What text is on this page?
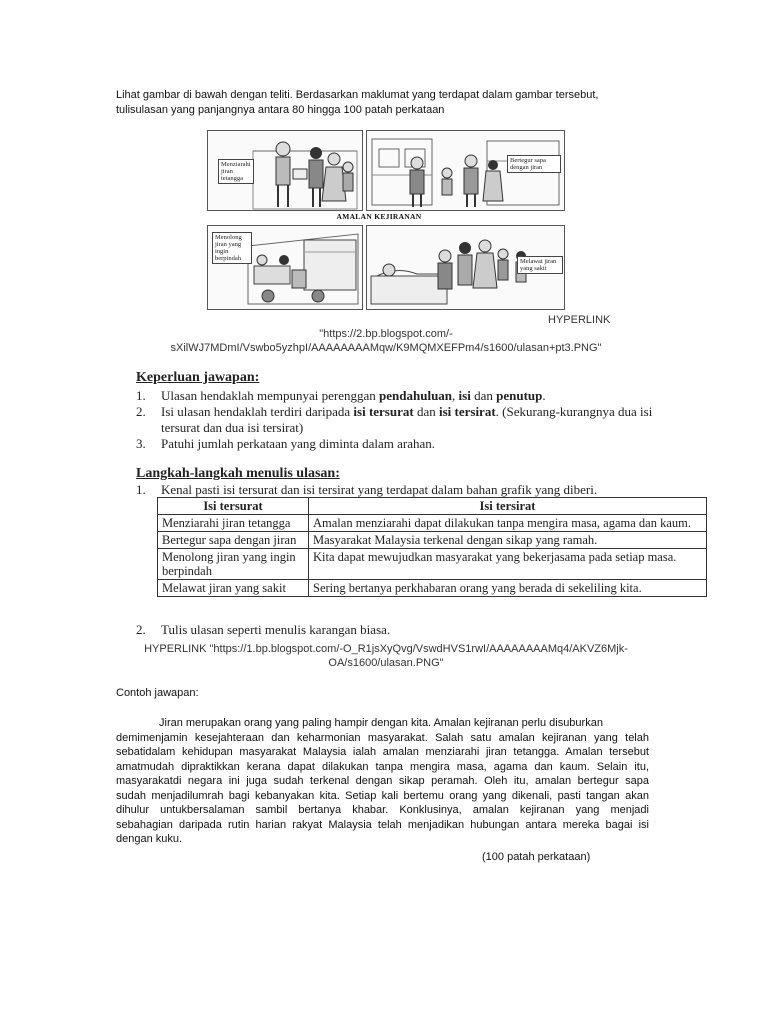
Lihat gambar di bawah dengan teliti. Berdasarkan maklumat yang terdapat dalam gambar tersebut,
tulisulasan yang panjangnya antara 80 hingga 100 patah perkataan
Menziarahi jiran tetangga
Bertegur sapa dengan jiran
AMALAN KEJIRANAN
Menolong jiran yang ingin berpindah	Melawat jiran yang sakit
HYPERLINK
"https://2.bp.blogspot.com/-
sXilWJ7MDmI/Vswbo5yzhpI/AAAAAAAAMqw/K9MQMXEFPm4/s1600/ulasan+pt3.PNG"
Keperluan jawapan:
1. Ulasan hendaklah mempunyai perenggan pendahuluan, isi dan penutup.
2. Isi ulasan hendaklah terdiri daripada isi tersurat dan isi tersirat. (Sekurang-kurangnya dua isi
tersurat dan dua isi tersirat)
3. Patuhi jumlah perkataan yang diminta dalam arahan.
Langkah-langkah menulis ulasan:
1. Kenal pasti isi tersurat dan isi tersirat yang terdapat dalam bahan grafik yang diberi.
Isi tersurat	Isi tersirat
Menziarahi jiran tetangga	Amalan menziarahi dapat dilakukan tanpa mengira masa, agama dan kaum.
Bertegur sapa dengan jiran	Masyarakat Malaysia terkenal dengan sikap yang ramah.
Menolong jiran yang ingin berpindah	Kita dapat mewujudkan masyarakat yang bekerjasama pada setiap masa.
Melawat jiran yang sakit	Sering bertanya perkhabaran orang yang berada di sekeliling kita.
2. Tulis ulasan seperti menulis karangan biasa.
HYPERLINK "https://1.bp.blogspot.com/-O_R1jsXyQvg/VswdHVS1rwI/AAAAAAAAMq4/AKVZ6Mjk-
OA/s1600/ulasan.PNG"
Contoh jawapan:
Jiran merupakan orang yang paling hampir dengan kita. Amalan kejiranan perlu disuburkan
demimenjamin kesejahteraan dan keharmonian masyarakat. Salah satu amalan kejiranan yang telah
sebatidalam kehidupan masyarakat Malaysia ialah amalan menziarahi jiran tetangga. Amalan tersebut
amatmudah dipraktikkan kerana dapat dilakukan tanpa mengira masa, agama dan kaum. Selain itu,
masyarakatdi negara ini juga sudah terkenal dengan sikap peramah. Oleh itu, amalan bertegur sapa
sudah menjadilumrah bagi kebanyakan kita. Setiap kali bertemu orang yang dikenali, pasti tangan akan
dihulur untukbersalaman sambil bertanya khabar. Konklusinya, amalan kejiranan yang menjadi
sebahagian daripada rutin harian rakyat Malaysia telah menjadikan hubungan antara mereka bagai isi
dengan kuku.
(100 patah perkataan)
